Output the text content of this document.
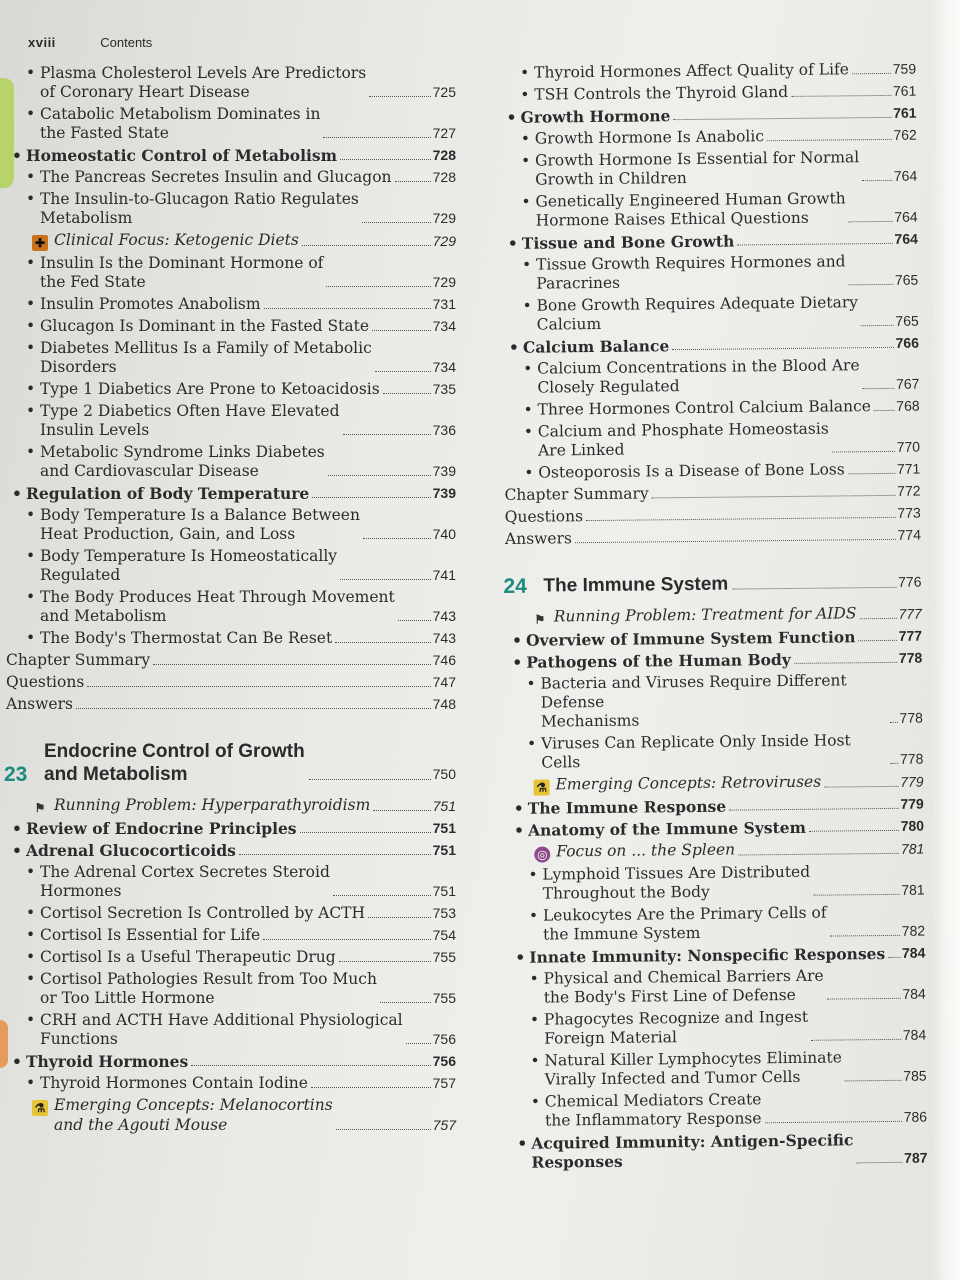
xviii	Contents
• Plasma Cholesterol Levels Are Predictors
of Coronary Heart Disease	725
• Catabolic Metabolism Dominates in
the Fasted State	727
• Homeostatic Control of Metabolism	728
• The Pancreas Secretes Insulin and Glucagon	728
• The Insulin-to-Glucagon Ratio Regulates
Metabolism	729
✚ Clinical Focus: Ketogenic Diets	729
• Insulin Is the Dominant Hormone of
the Fed State	729
• Insulin Promotes Anabolism	731
• Glucagon Is Dominant in the Fasted State	734
• Diabetes Mellitus Is a Family of Metabolic
Disorders	734
• Type 1 Diabetics Are Prone to Ketoacidosis	735
• Type 2 Diabetics Often Have Elevated
Insulin Levels	736
• Metabolic Syndrome Links Diabetes
and Cardiovascular Disease	739
• Regulation of Body Temperature	739
• Body Temperature Is a Balance Between
Heat Production, Gain, and Loss	740
• Body Temperature Is Homeostatically
Regulated	741
• The Body Produces Heat Through Movement
and Metabolism	743
• The Body's Thermostat Can Be Reset	743
Chapter Summary	746
Questions	747
Answers	748
23
Endocrine Control of Growth
and Metabolism	750
⚑ Running Problem: Hyperparathyroidism	751
• Review of Endocrine Principles	751
• Adrenal Glucocorticoids	751
• The Adrenal Cortex Secretes Steroid
Hormones	751
• Cortisol Secretion Is Controlled by ACTH	753
• Cortisol Is Essential for Life	754
• Cortisol Is a Useful Therapeutic Drug	755
• Cortisol Pathologies Result from Too Much
or Too Little Hormone	755
• CRH and ACTH Have Additional Physiological
Functions	756
• Thyroid Hormones	756
• Thyroid Hormones Contain Iodine	757
⚗ Emerging Concepts: Melanocortins
and the Agouti Mouse	757
• Thyroid Hormones Affect Quality of Life	759
• TSH Controls the Thyroid Gland	761
• Growth Hormone	761
• Growth Hormone Is Anabolic	762
• Growth Hormone Is Essential for Normal
Growth in Children	764
• Genetically Engineered Human Growth
Hormone Raises Ethical Questions	764
• Tissue and Bone Growth	764
• Tissue Growth Requires Hormones and
Paracrines	765
• Bone Growth Requires Adequate Dietary
Calcium	765
• Calcium Balance	766
• Calcium Concentrations in the Blood Are
Closely Regulated	767
• Three Hormones Control Calcium Balance 768
• Calcium and Phosphate Homeostasis
Are Linked	770
• Osteoporosis Is a Disease of Bone Loss	771
Chapter Summary	772
Questions	773
Answers	774
24 The Immune System	776
⚑ Running Problem: Treatment for AIDS	777
• Overview of Immune System Function	777
• Pathogens of the Human Body	778
• Bacteria and Viruses Require Different Defense
Mechanisms	778
• Viruses Can Replicate Only Inside Host Cells	778
⚗ Emerging Concepts: Retroviruses	779
• The Immune Response	779
• Anatomy of the Immune System	780
◎ Focus on ... the Spleen	781
• Lymphoid Tissues Are Distributed
Throughout the Body	781
• Leukocytes Are the Primary Cells of
the Immune System	782
• Innate Immunity: Nonspecific Responses 784
• Physical and Chemical Barriers Are
the Body's First Line of Defense	784
• Phagocytes Recognize and Ingest
Foreign Material	784
• Natural Killer Lymphocytes Eliminate
Virally Infected and Tumor Cells	785
• Chemical Mediators Create
the Inflammatory Response	786
• Acquired Immunity: Antigen-Specific
Responses	787
